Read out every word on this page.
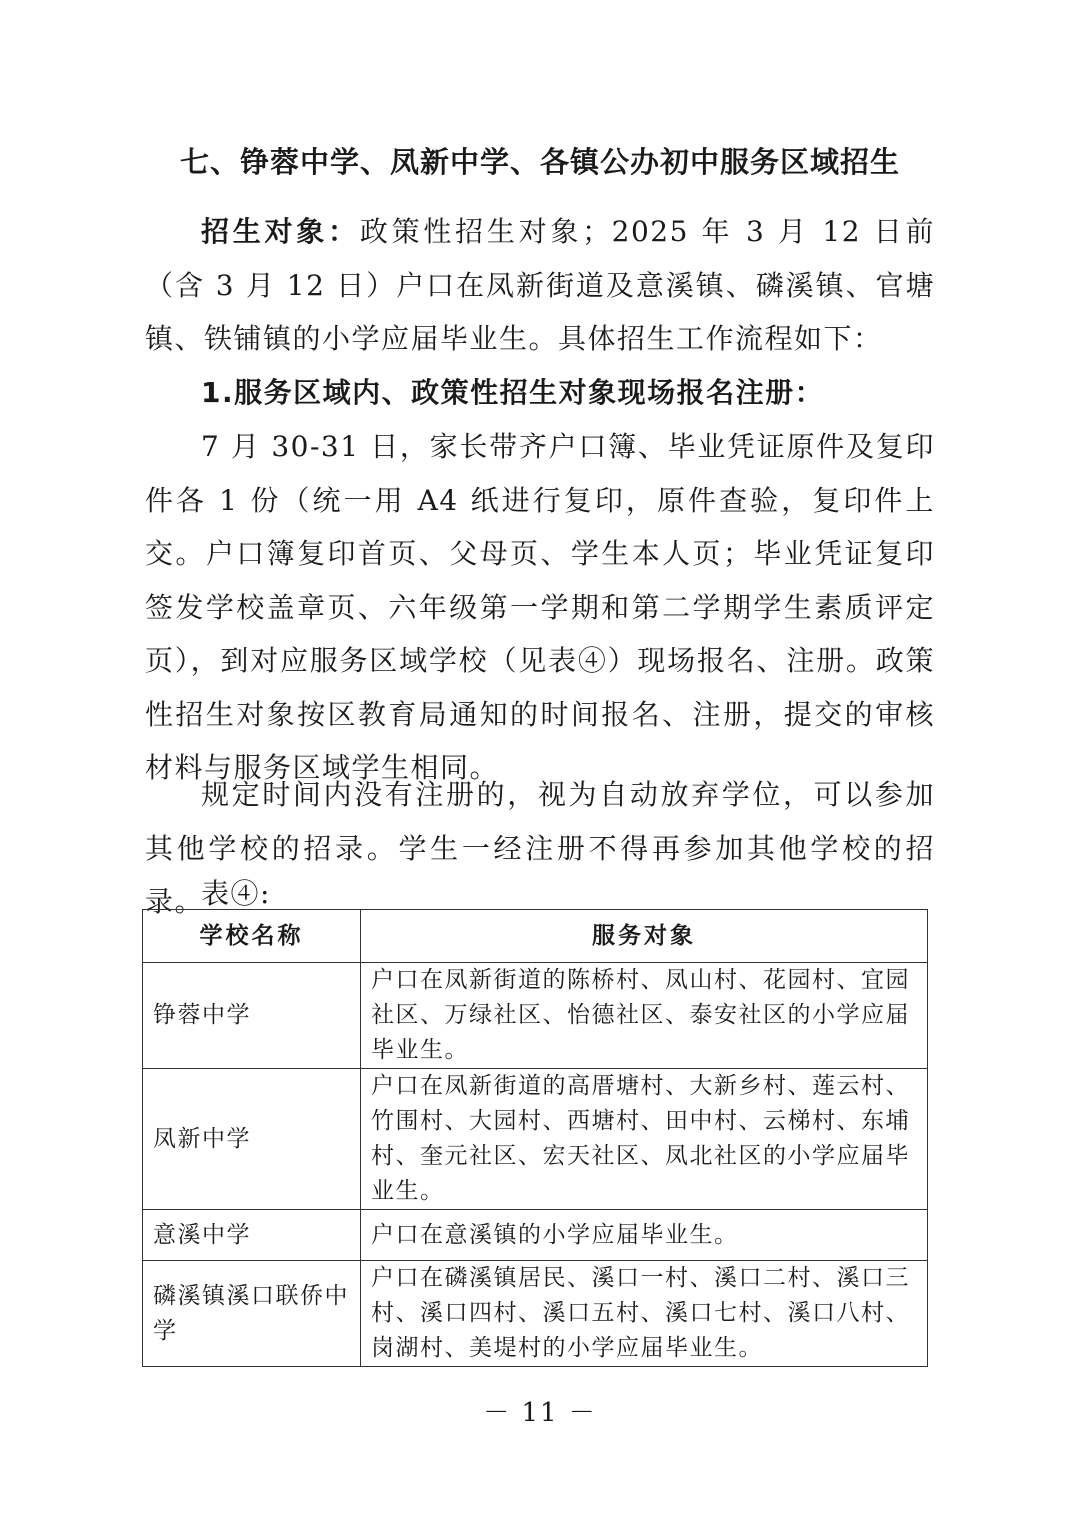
七、铮蓉中学、凤新中学、各镇公办初中服务区域招生

招生对象：政策性招生对象；2025 年 3 月 12 日前（含 3 月 12 日）户口在凤新街道及意溪镇、磷溪镇、官塘镇、铁铺镇的小学应届毕业生。具体招生工作流程如下：

1.服务区域内、政策性招生对象现场报名注册：

7 月 30-31 日，家长带齐户口簿、毕业凭证原件及复印件各 1 份（统一用 A4 纸进行复印，原件查验，复印件上交。户口簿复印首页、父母页、学生本人页；毕业凭证复印签发学校盖章页、六年级第一学期和第二学期学生素质评定页），到对应服务区域学校（见表④）现场报名、注册。政策性招生对象按区教育局通知的时间报名、注册，提交的审核材料与服务区域学生相同。

规定时间内没有注册的，视为自动放弃学位，可以参加其他学校的招录。学生一经注册不得再参加其他学校的招录。

表④:

学校名称	服务对象
铮蓉中学	户口在凤新街道的陈桥村、凤山村、花园村、宜园社区、万绿社区、怡德社区、泰安社区的小学应届毕业生。
凤新中学	户口在凤新街道的高厝塘村、大新乡村、莲云村、竹围村、大园村、西塘村、田中村、云梯村、东埔村、奎元社区、宏天社区、凤北社区的小学应届毕业生。
意溪中学	户口在意溪镇的小学应届毕业生。
磷溪镇溪口联侨中学	户口在磷溪镇居民、溪口一村、溪口二村、溪口三村、溪口四村、溪口五村、溪口七村、溪口八村、岗湖村、美堤村的小学应届毕业生。

－ 11 －
